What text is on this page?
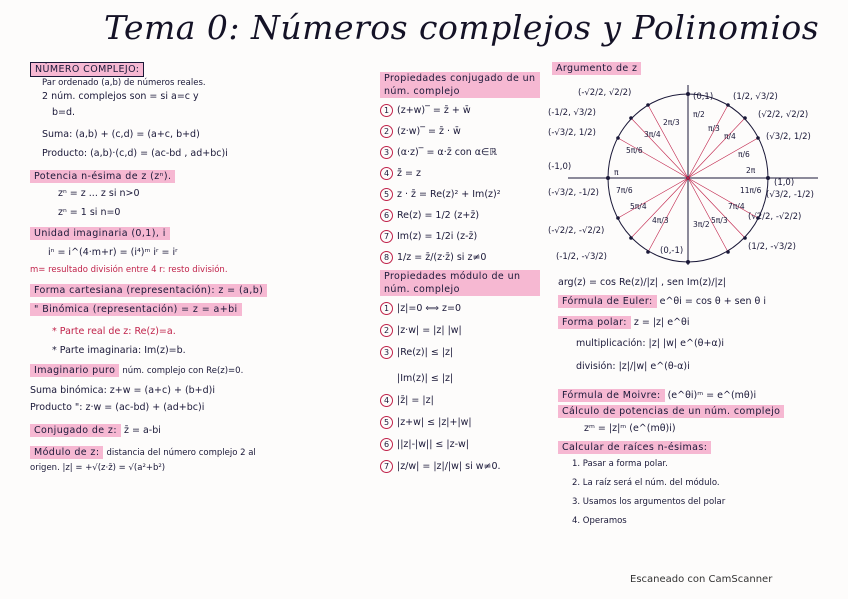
Tema 0: Números complejos y Polinomios
NÚMERO COMPLEJO:
Par ordenado (a,b) de números reales.
2 núm. complejos son = si a=c y
b=d.
Suma: (a,b) + (c,d) = (a+c, b+d)
Producto: (a,b)·(c,d) = (ac-bd , ad+bc)i
Potencia n-ésima de z (zⁿ).
zⁿ = z ... z si n>0
zⁿ = 1 si n=0
Unidad imaginaria (0,1), i
iⁿ = i^(4·m+r) = (i⁴)ᵐ iʳ = iʳ
m= resultado división entre 4 r: resto división.
Forma cartesiana (representación): z = (a,b)
" Binómica (representación) = z = a+bi
* Parte real de z: Re(z)=a.
* Parte imaginaria: Im(z)=b.
Imaginario puro núm. complejo con Re(z)=0.
Suma binómica: z+w = (a+c) + (b+d)i
Producto ": z·w = (ac-bd) + (ad+bc)i
Conjugado de z: z̄ = a-bi
Módulo de z: distancia del número complejo 2 al
origen. |z| = +√(z·z̄) = √(a²+b²)
Propiedades conjugado de un núm. complejo
1 (z+w)‾ = z̄ + w̄
2 (z·w)‾ = z̄ · w̄
3 (α·z)‾ = α·z̄ con α∈ℝ
4 z̄̄ = z
5 z · z̄ = Re(z)² + Im(z)²
6 Re(z) = 1/2 (z+z̄)
7 Im(z) = 1/2i (z-z̄)
8 1/z = z̄/(z·z̄) si z≠0
Propiedades módulo de un núm. complejo
1 |z|=0 ⟺ z=0
2 |z·w| = |z| |w|
3 |Re(z)| ≤ |z|
|Im(z)| ≤ |z|
4 |z̄| = |z|
5 |z+w| ≤ |z|+|w|
6 ||z|-|w|| ≤ |z-w|
7 |z/w| = |z|/|w| si w≠0.
Argumento de z
(0,1)
(1,0)
(-1,0)
(0,-1)
(1/2, √3/2)
(√2/2, √2/2)
(√3/2, 1/2)
(-√2/2, √2/2)
(-1/2, √3/2)
(-√3/2, 1/2)
(-√3/2, -1/2)
(-√2/2, -√2/2)
(-1/2, -√3/2)
(√3/2, -1/2)
(√2/2, -√2/2)
(1/2, -√3/2)
π/2
π/3
π/4
π/6
2π/3
3π/4
5π/6
π	2π
7π/6
5π/4
4π/3	3π/2 5π/3
7π/4
11π/6
arg(z) = cos Re(z)/|z| , sen Im(z)/|z|
Fórmula de Euler: e^θi = cos θ + sen θ i
Forma polar: z = |z| e^θi
multiplicación: |z| |w| e^(θ+α)i
división: |z|/|w| e^(θ-α)i
Fórmula de Moivre: (e^θi)ᵐ = e^(mθ)i
Cálculo de potencias de un núm. complejo
zᵐ = |z|ᵐ (e^(mθ)i)
Calcular de raíces n-ésimas:
1. Pasar a forma polar.
2. La raíz será el núm. del módulo.
3. Usamos los argumentos del polar
4. Operamos
Escaneado con CamScanner
